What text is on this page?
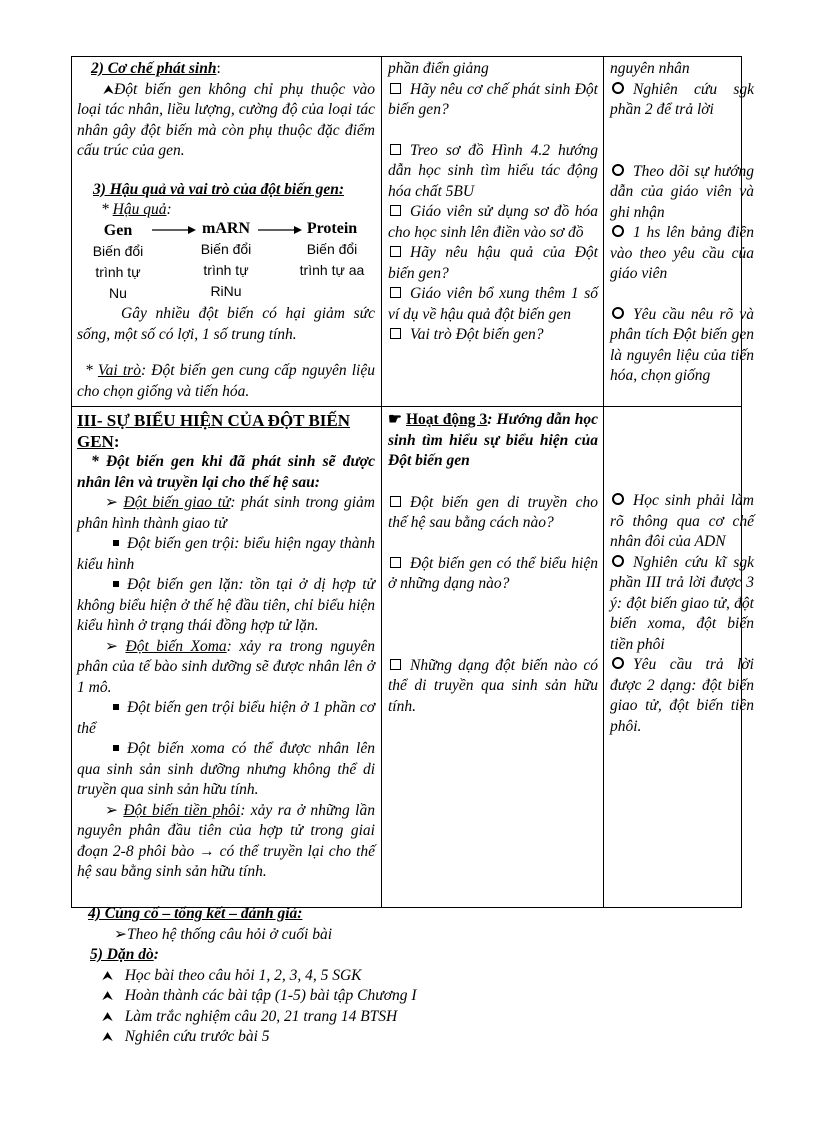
2) Cơ chế phát sinh:

⮝Đột biến gen không chỉ phụ thuộc vào loại tác nhân, liều lượng, cường độ của loại tác nhân gây đột biến mà còn phụ thuộc đặc điểm cấu trúc của gen.

3) Hậu quả và vai trò của đột biến gen:

* Hậu quả:

Gen
Biến đổi
trình tự Nu
mARN
Biến đổi
trình tự
RiNu
Protein
Biến đổi
trình tự aa

Gây nhiều đột biến có hại giảm sức sống, một số có lợi, 1 số trung tính.

* Vai trò: Đột biến gen cung cấp nguyên liệu cho chọn giống và tiến hóa.

phần điển giảng

Hãy nêu cơ chế phát sinh Đột biến gen?

Treo sơ đồ Hình 4.2 hướng dẫn học sinh tìm hiểu tác động hóa chất 5BU

Giáo viên sử dụng sơ đồ hóa cho học sinh lên điền vào sơ đồ

Hãy nêu hậu quả của Đột biến gen?

Giáo viên bổ xung thêm 1 số ví dụ về hậu quả đột biến gen

Vai trò Đột biến gen?

nguyên nhân

Nghiên cứu sgk phần 2 để trả lời

Theo dõi sự hướng dẫn của giáo viên và ghi nhận

1 hs lên bảng điền vào theo yêu cầu của giáo viên

Yêu cầu nêu rõ và phân tích Đột biến gen là nguyên liệu của tiến hóa, chọn giống

III- SỰ BIỂU HIỆN CỦA ĐỘT BIẾN GEN:

* Đột biến gen khi đã phát sinh sẽ được nhân lên và truyền lại cho thế hệ sau:

➢ Đột biến giao tử: phát sinh trong giảm phân hình thành giao tử

Đột biến gen trội: biểu hiện ngay thành kiểu hình

Đột biến gen lặn: tồn tại ở dị hợp tử không biểu hiện ở thế hệ đầu tiên, chỉ biểu hiện kiểu hình ở trạng thái đồng hợp tử lặn.

➢ Đột biến Xoma: xảy ra trong nguyên phân của tế bào sinh dưỡng sẽ được nhân lên ở 1 mô.

Đột biến gen trội biểu hiện ở 1 phần cơ thể

Đột biến xoma có thể được nhân lên qua sinh sản sinh dưỡng nhưng không thể di truyền qua sinh sản hữu tính.

➢ Đột biến tiền phôi: xảy ra ở những lần nguyên phân đầu tiên của hợp tử trong giai đoạn 2-8 phôi bào → có thể truyền lại cho thế hệ sau bằng sinh sản hữu tính.

☛ Hoạt động 3: Hướng dẫn học sinh tìm hiểu sự biểu hiện của Đột biến gen

Đột biến gen di truyền cho thế hệ sau bằng cách nào?

Đột biến gen có thể biểu hiện ở những dạng nào?

Những dạng đột biến nào có thể di truyền qua sinh sản hữu tính.

Học sinh phải làm rõ thông qua cơ chế nhân đôi của ADN

Nghiên cứu kĩ sgk phần III trả lời được 3 ý: đột biến giao tử, đột biến xoma, đột biến tiền phôi

Yêu cầu trả lời được 2 dạng: đột biến giao tử, đột biến tiền phôi.

4) Củng cố – tổng kết – đánh giá:
➢Theo hệ thống câu hỏi ở cuối bài
5) Dặn dò:
⮝ Học bài theo câu hỏi 1, 2, 3, 4, 5 SGK
⮝ Hoàn thành các bài tập (1-5) bài tập Chương I
⮝ Làm trắc nghiệm câu 20, 21 trang 14 BTSH
⮝ Nghiên cứu trước bài 5
